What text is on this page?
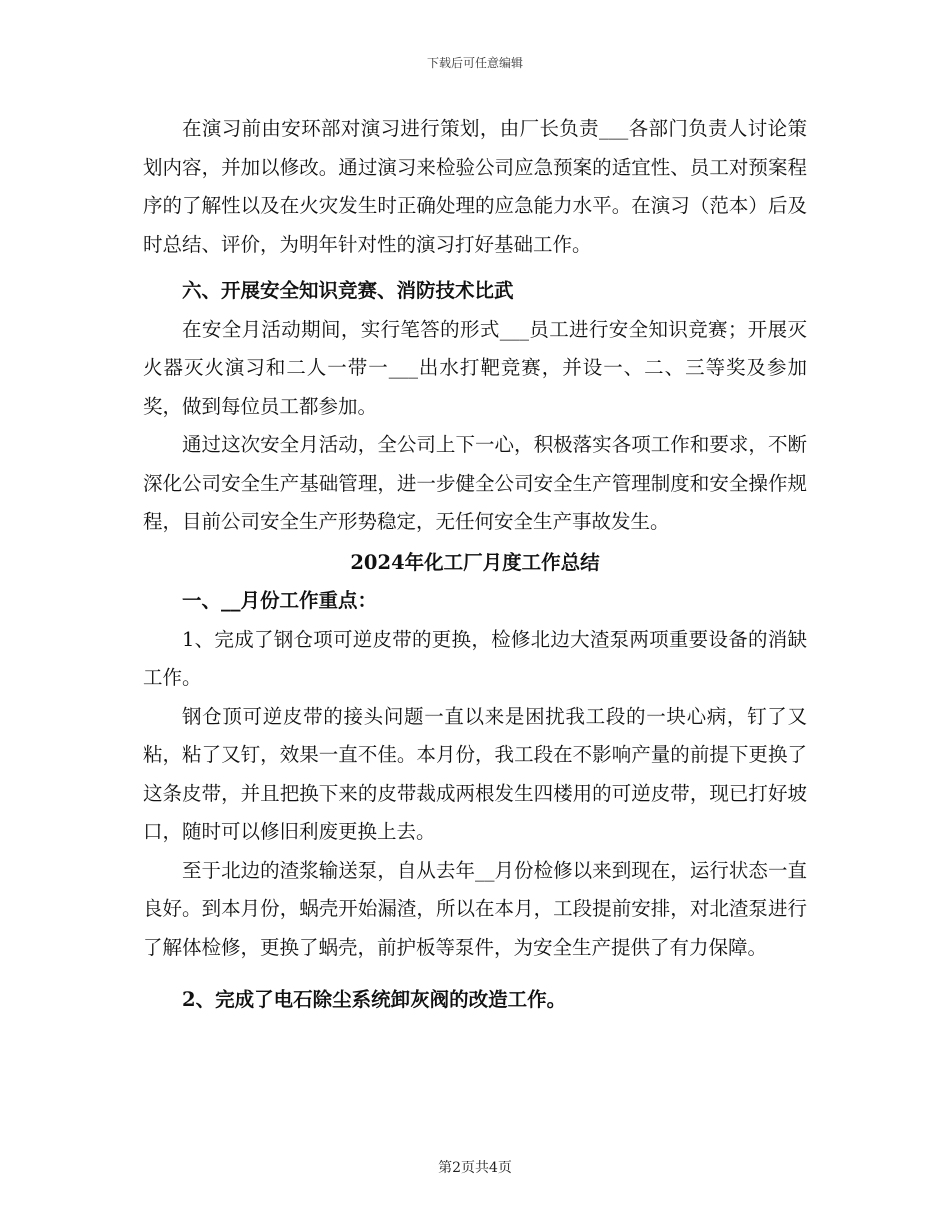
下载后可任意编辑

在演习前由安环部对演习进行策划，由厂长负责___各部门负责人讨论策划内容，并加以修改。通过演习来检验公司应急预案的适宜性、员工对预案程序的了解性以及在火灾发生时正确处理的应急能力水平。在演习（范本）后及时总结、评价，为明年针对性的演习打好基础工作。

六、开展安全知识竞赛、消防技术比武

在安全月活动期间，实行笔答的形式___员工进行安全知识竞赛；开展灭火器灭火演习和二人一带一___出水打靶竞赛，并设一、二、三等奖及参加奖，做到每位员工都参加。

通过这次安全月活动，全公司上下一心，积极落实各项工作和要求，不断深化公司安全生产基础管理，进一步健全公司安全生产管理制度和安全操作规程，目前公司安全生产形势稳定，无任何安全生产事故发生。

2024年化工厂月度工作总结

一、__月份工作重点：

1、完成了钢仓项可逆皮带的更换，检修北边大渣泵两项重要设备的消缺工作。

钢仓顶可逆皮带的接头问题一直以来是困扰我工段的一块心病，钉了又粘，粘了又钉，效果一直不佳。本月份，我工段在不影响产量的前提下更换了这条皮带，并且把换下来的皮带裁成两根发生四楼用的可逆皮带，现已打好坡口，随时可以修旧利废更换上去。

至于北边的渣浆输送泵，自从去年__月份检修以来到现在，运行状态一直良好。到本月份，蜗壳开始漏渣，所以在本月，工段提前安排，对北渣泵进行了解体检修，更换了蜗壳，前护板等泵件，为安全生产提供了有力保障。

2、完成了电石除尘系统卸灰阀的改造工作。

第2页共4页
